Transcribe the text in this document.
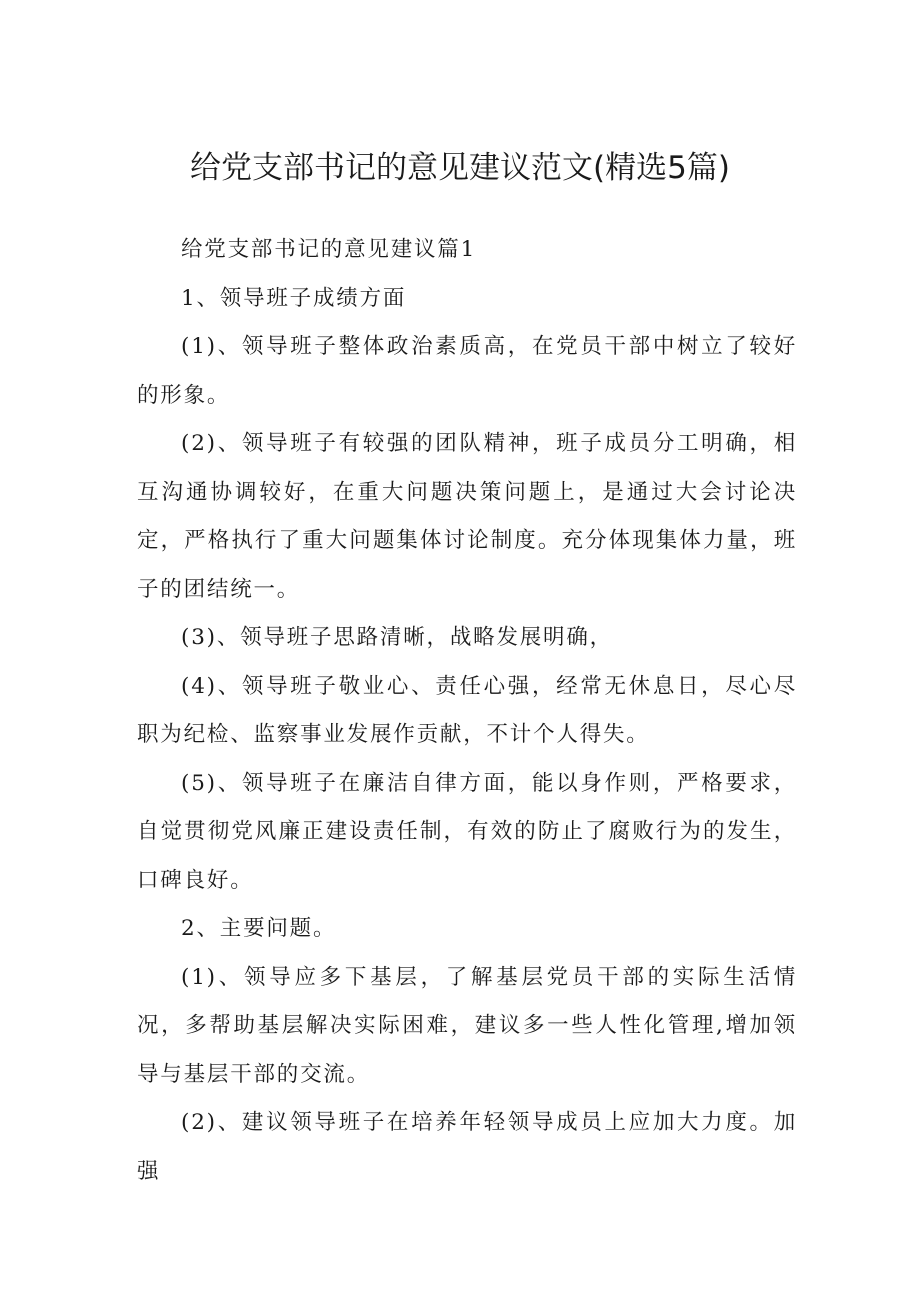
给党支部书记的意见建议范文(精选5篇)

给党支部书记的意见建议篇1

1、领导班子成绩方面

(1)、领导班子整体政治素质高，在党员干部中树立了较好的形象。

(2)、领导班子有较强的团队精神，班子成员分工明确，相互沟通协调较好，在重大问题决策问题上，是通过大会讨论决定，严格执行了重大问题集体讨论制度。充分体现集体力量，班子的团结统一。

(3)、领导班子思路清晰，战略发展明确，

(4)、领导班子敬业心、责任心强，经常无休息日，尽心尽职为纪检、监察事业发展作贡献，不计个人得失。

(5)、领导班子在廉洁自律方面，能以身作则，严格要求，自觉贯彻党风廉正建设责任制，有效的防止了腐败行为的发生，口碑良好。

2、主要问题。

(1)、领导应多下基层，了解基层党员干部的实际生活情况，多帮助基层解决实际困难，建议多一些人性化管理,增加领导与基层干部的交流。

(2)、建议领导班子在培养年轻领导成员上应加大力度。加强
